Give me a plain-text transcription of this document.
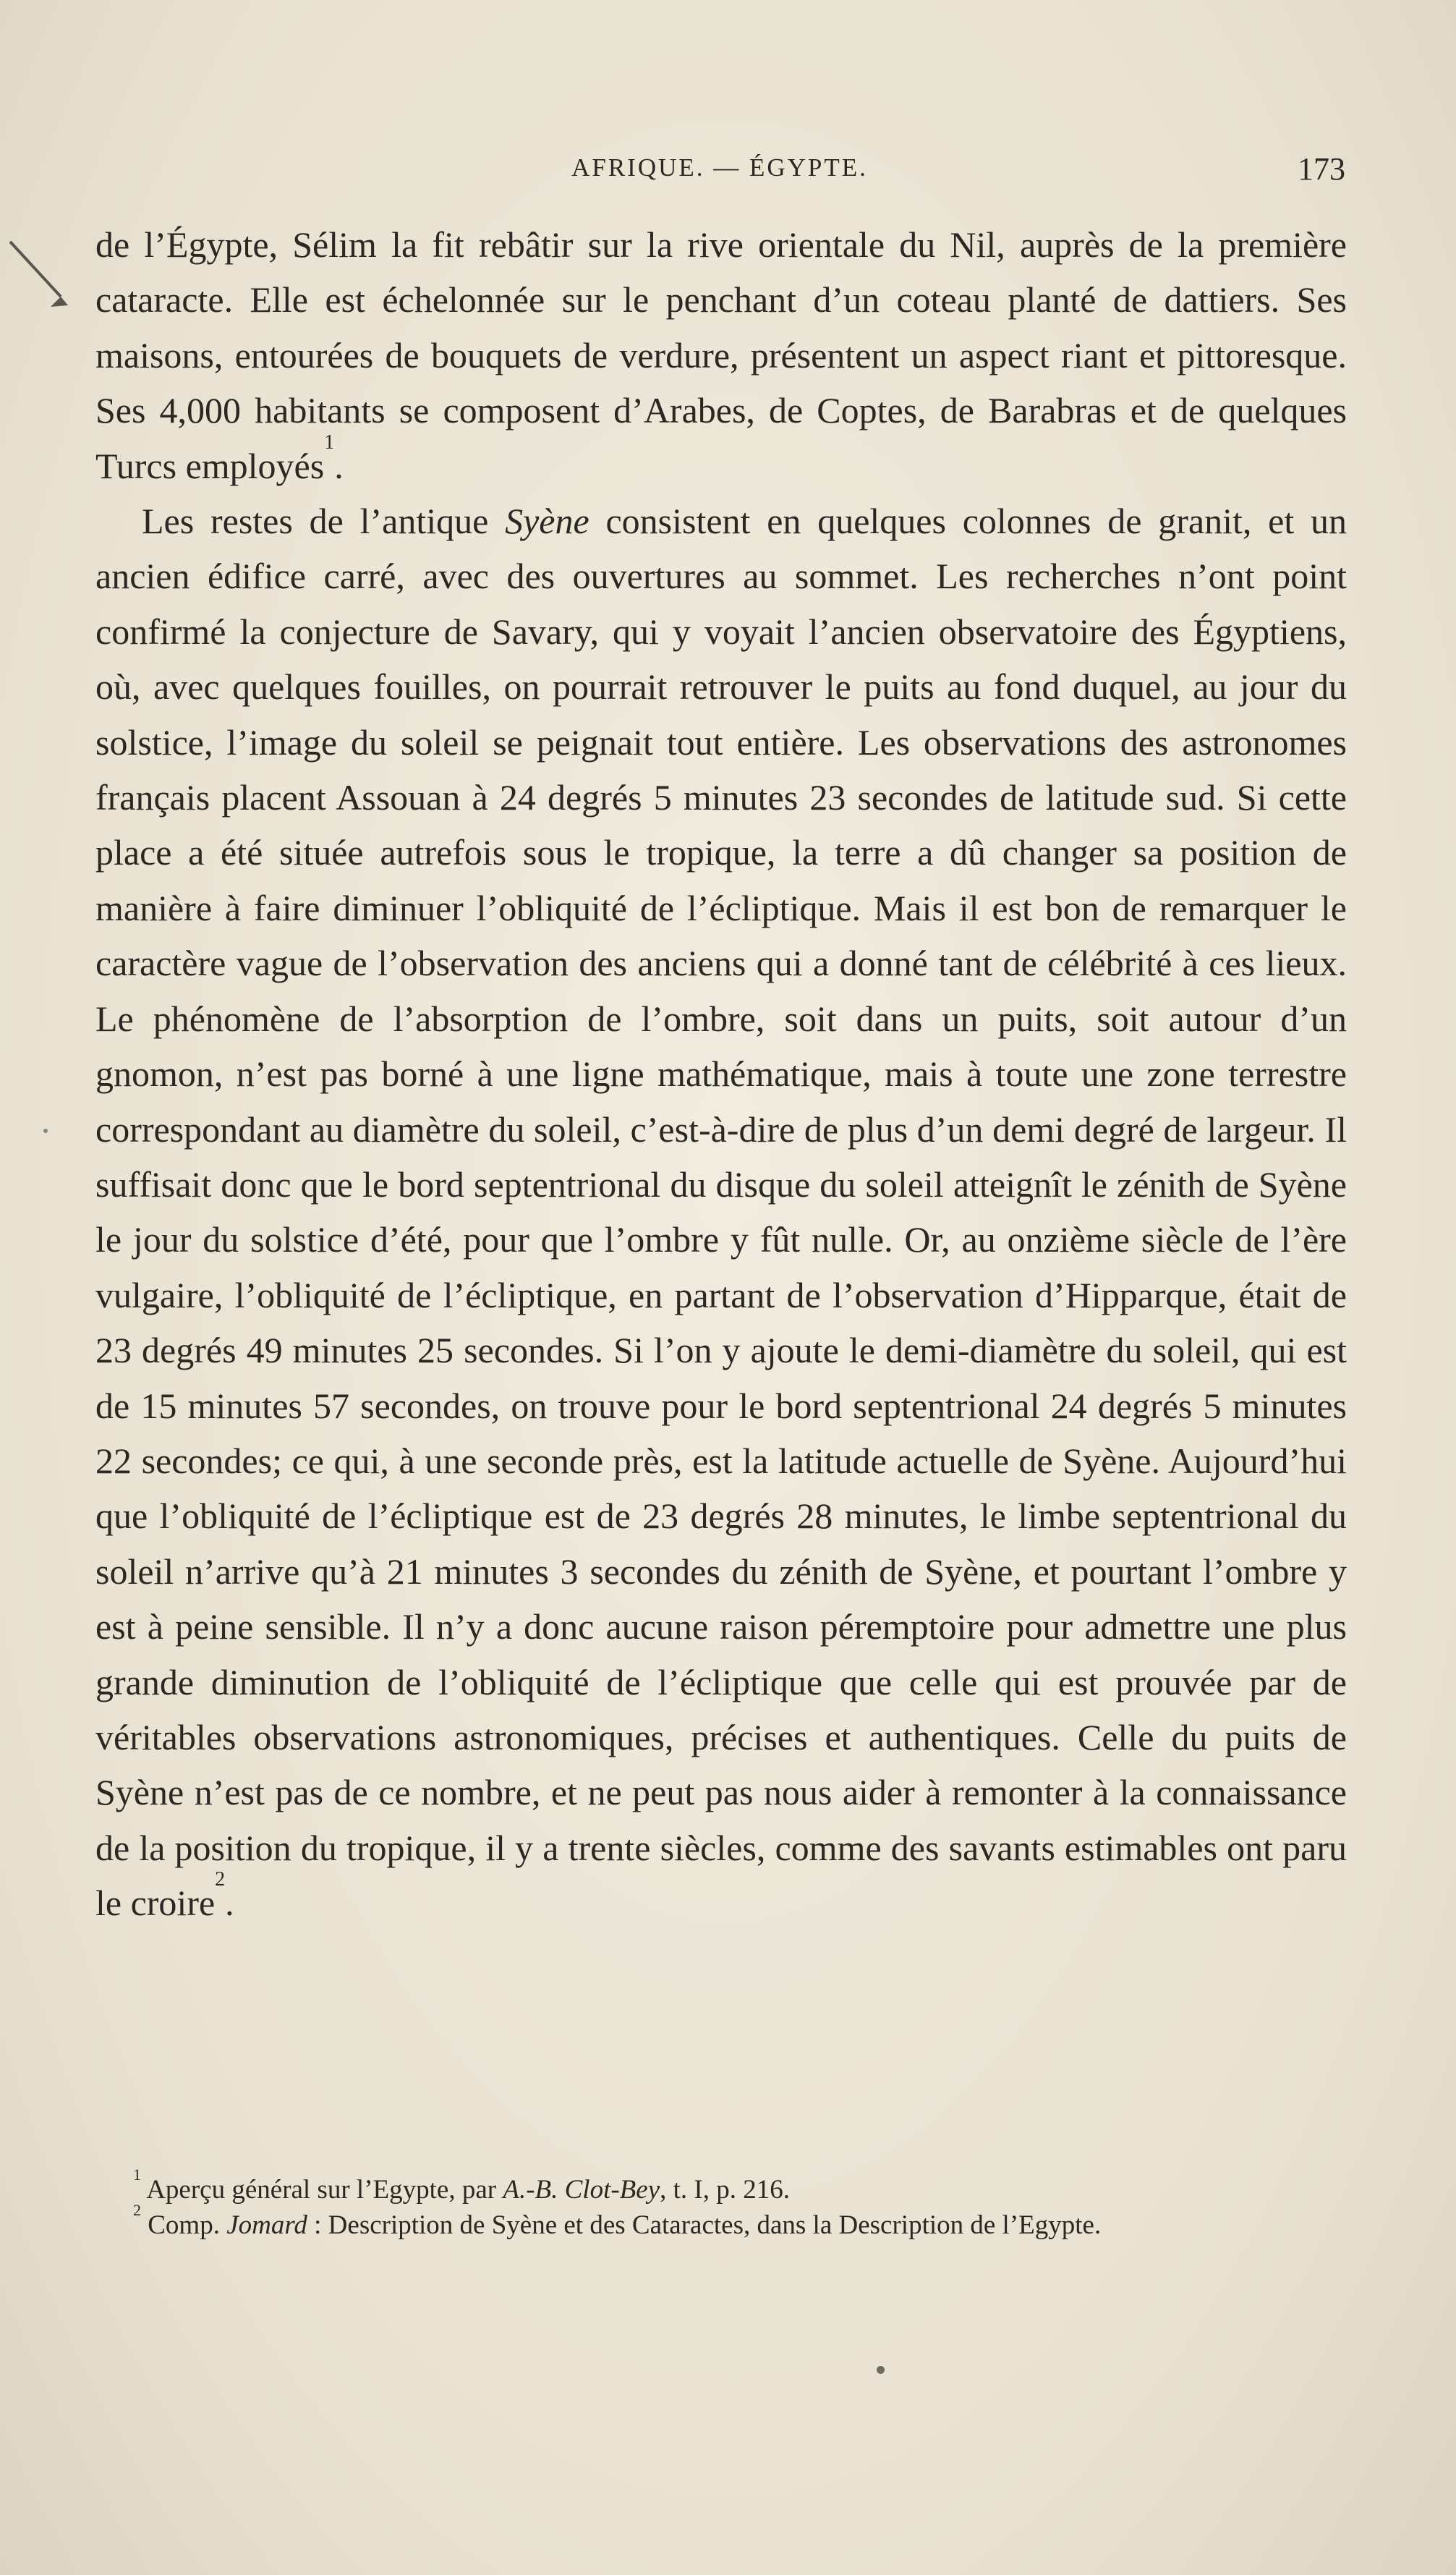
AFRIQUE. — ÉGYPTE.	173

de l’Égypte, Sélim la fit rebâtir sur la rive orientale du Nil, auprès de la première cataracte. Elle est échelonnée sur le penchant d’un coteau planté de dattiers. Ses maisons, entourées de bouquets de verdure, présentent un aspect riant et pittoresque. Ses 4,000 habitants se composent d’Arabes, de Coptes, de Barabras et de quelques Turcs employés$^1$.

Les restes de l’antique Syène consistent en quelques colonnes de granit, et un ancien édifice carré, avec des ouvertures au sommet. Les recherches n’ont point confirmé la conjecture de Savary, qui y voyait l’ancien observatoire des Égyptiens, où, avec quelques fouilles, on pourrait retrouver le puits au fond duquel, au jour du solstice, l’image du soleil se peignait tout entière. Les observations des astronomes français placent Assouan à 24 degrés 5 minutes 23 secondes de latitude sud. Si cette place a été située autrefois sous le tropique, la terre a dû changer sa position de manière à faire diminuer l’obliquité de l’écliptique. Mais il est bon de remarquer le caractère vague de l’observation des anciens qui a donné tant de célébrité à ces lieux. Le phénomène de l’absorption de l’ombre, soit dans un puits, soit autour d’un gnomon, n’est pas borné à une ligne mathématique, mais à toute une zone terrestre correspondant au diamètre du soleil, c’est-à-dire de plus d’un demi degré de largeur. Il suffisait donc que le bord septentrional du disque du soleil atteignît le zénith de Syène le jour du solstice d’été, pour que l’ombre y fût nulle. Or, au onzième siècle de l’ère vulgaire, l’obliquité de l’écliptique, en partant de l’observation d’Hipparque, était de 23 degrés 49 minutes 25 secondes. Si l’on y ajoute le demi-diamètre du soleil, qui est de 15 minutes 57 secondes, on trouve pour le bord septentrional 24 degrés 5 minutes 22 secondes; ce qui, à une seconde près, est la latitude actuelle de Syène. Aujourd’hui que l’obliquité de l’écliptique est de 23 degrés 28 minutes, le limbe septentrional du soleil n’arrive qu’à 21 minutes 3 secondes du zénith de Syène, et pourtant l’ombre y est à peine sensible. Il n’y a donc aucune raison péremptoire pour admettre une plus grande diminution de l’obliquité de l’écliptique que celle qui est prouvée par de véritables observations astronomiques, précises et authentiques. Celle du puits de Syène n’est pas de ce nombre, et ne peut pas nous aider à remonter à la connaissance de la position du tropique, il y a trente siècles, comme des savants estimables ont paru le croire$^2$.

$^1$ Aperçu général sur l’Egypte, par A.-B. Clot-Bey, t. I, p. 216.

$^2$ Comp. Jomard : Description de Syène et des Cataractes, dans la Description de l’Egypte.
